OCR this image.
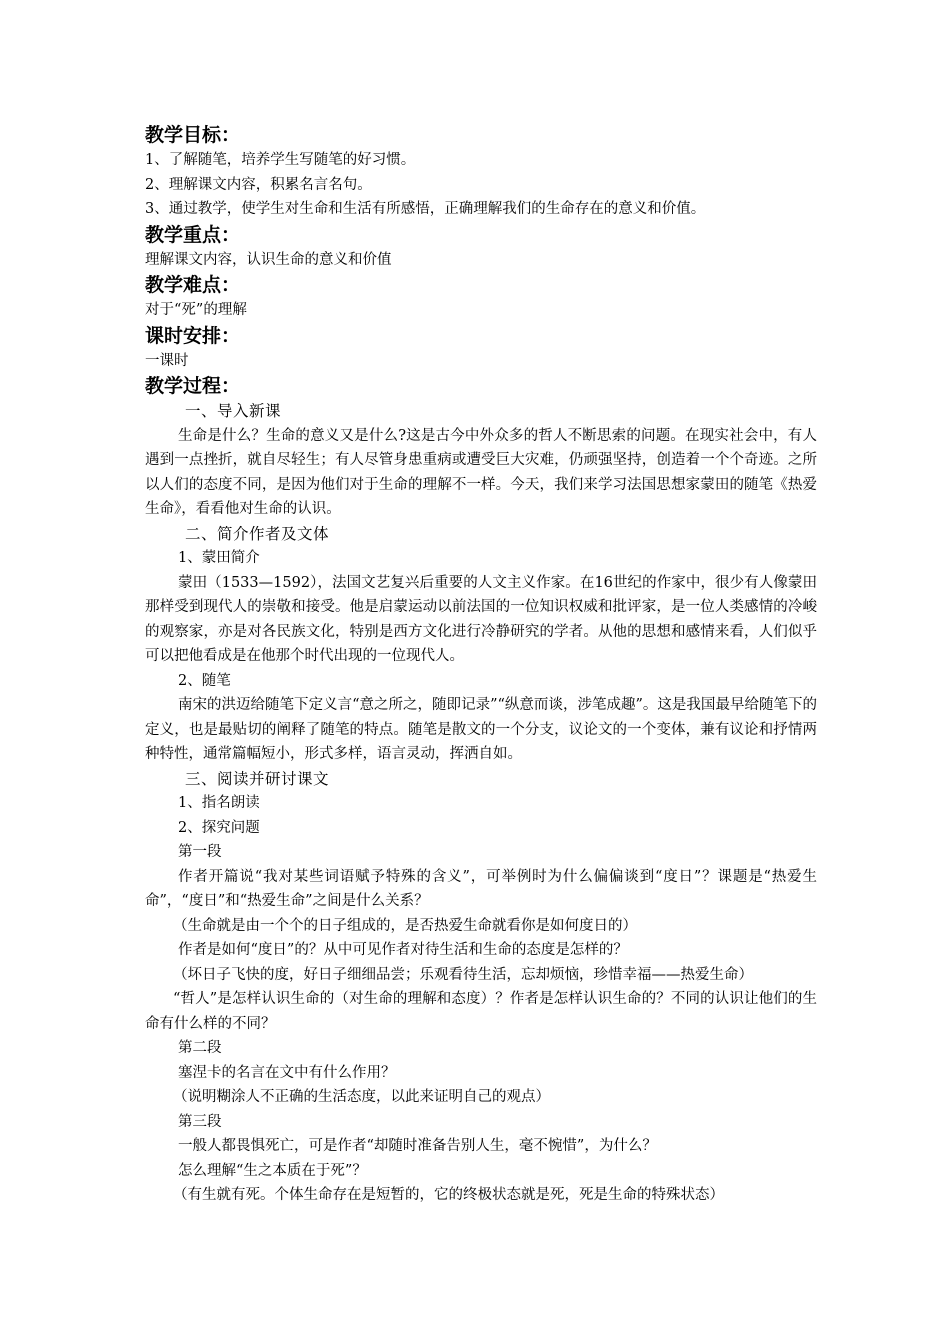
教学目标：

1、了解随笔，培养学生写随笔的好习惯。

2、理解课文内容，积累名言名句。

3、通过教学，使学生对生命和生活有所感悟，正确理解我们的生命存在的意义和价值。

教学重点：

理解课文内容，认识生命的意义和价值

教学难点：

对于“死”的理解

课时安排：

一课时

教学过程：

一、导入新课

生命是什么？生命的意义又是什么?这是古今中外众多的哲人不断思索的问题。在现实社会中，有人遇到一点挫折，就自尽轻生；有人尽管身患重病或遭受巨大灾难，仍顽强坚持，创造着一个个奇迹。之所以人们的态度不同，是因为他们对于生命的理解不一样。今天，我们来学习法国思想家蒙田的随笔《热爱生命》，看看他对生命的认识。

二、简介作者及文体

1、蒙田简介

蒙田（1533—1592），法国文艺复兴后重要的人文主义作家。在16世纪的作家中，很少有人像蒙田那样受到现代人的崇敬和接受。他是启蒙运动以前法国的一位知识权威和批评家，是一位人类感情的冷峻的观察家，亦是对各民族文化，特别是西方文化进行冷静研究的学者。从他的思想和感情来看，人们似乎可以把他看成是在他那个时代出现的一位现代人。

2、随笔

南宋的洪迈给随笔下定义言“意之所之，随即记录”“纵意而谈，涉笔成趣”。这是我国最早给随笔下的定义，也是最贴切的阐释了随笔的特点。随笔是散文的一个分支，议论文的一个变体，兼有议论和抒情两种特性，通常篇幅短小，形式多样，语言灵动，挥洒自如。

三、阅读并研讨课文

1、指名朗读

2、探究问题

第一段

作者开篇说“我对某些词语赋予特殊的含义”，可举例时为什么偏偏谈到“度日”？课题是“热爱生命”，“度日”和“热爱生命”之间是什么关系？

（生命就是由一个个的日子组成的，是否热爱生命就看你是如何度日的）

作者是如何“度日”的？从中可见作者对待生活和生命的态度是怎样的？

（坏日子飞快的度，好日子细细品尝；乐观看待生活，忘却烦恼，珍惜幸福——热爱生命）

“哲人”是怎样认识生命的（对生命的理解和态度）？作者是怎样认识生命的？不同的认识让他们的生命有什么样的不同？

第二段

塞涅卡的名言在文中有什么作用？

（说明糊涂人不正确的生活态度，以此来证明自己的观点）

第三段

一般人都畏惧死亡，可是作者“却随时准备告别人生，毫不惋惜”，为什么？

怎么理解“生之本质在于死”？

（有生就有死。个体生命存在是短暂的，它的终极状态就是死，死是生命的特殊状态）
